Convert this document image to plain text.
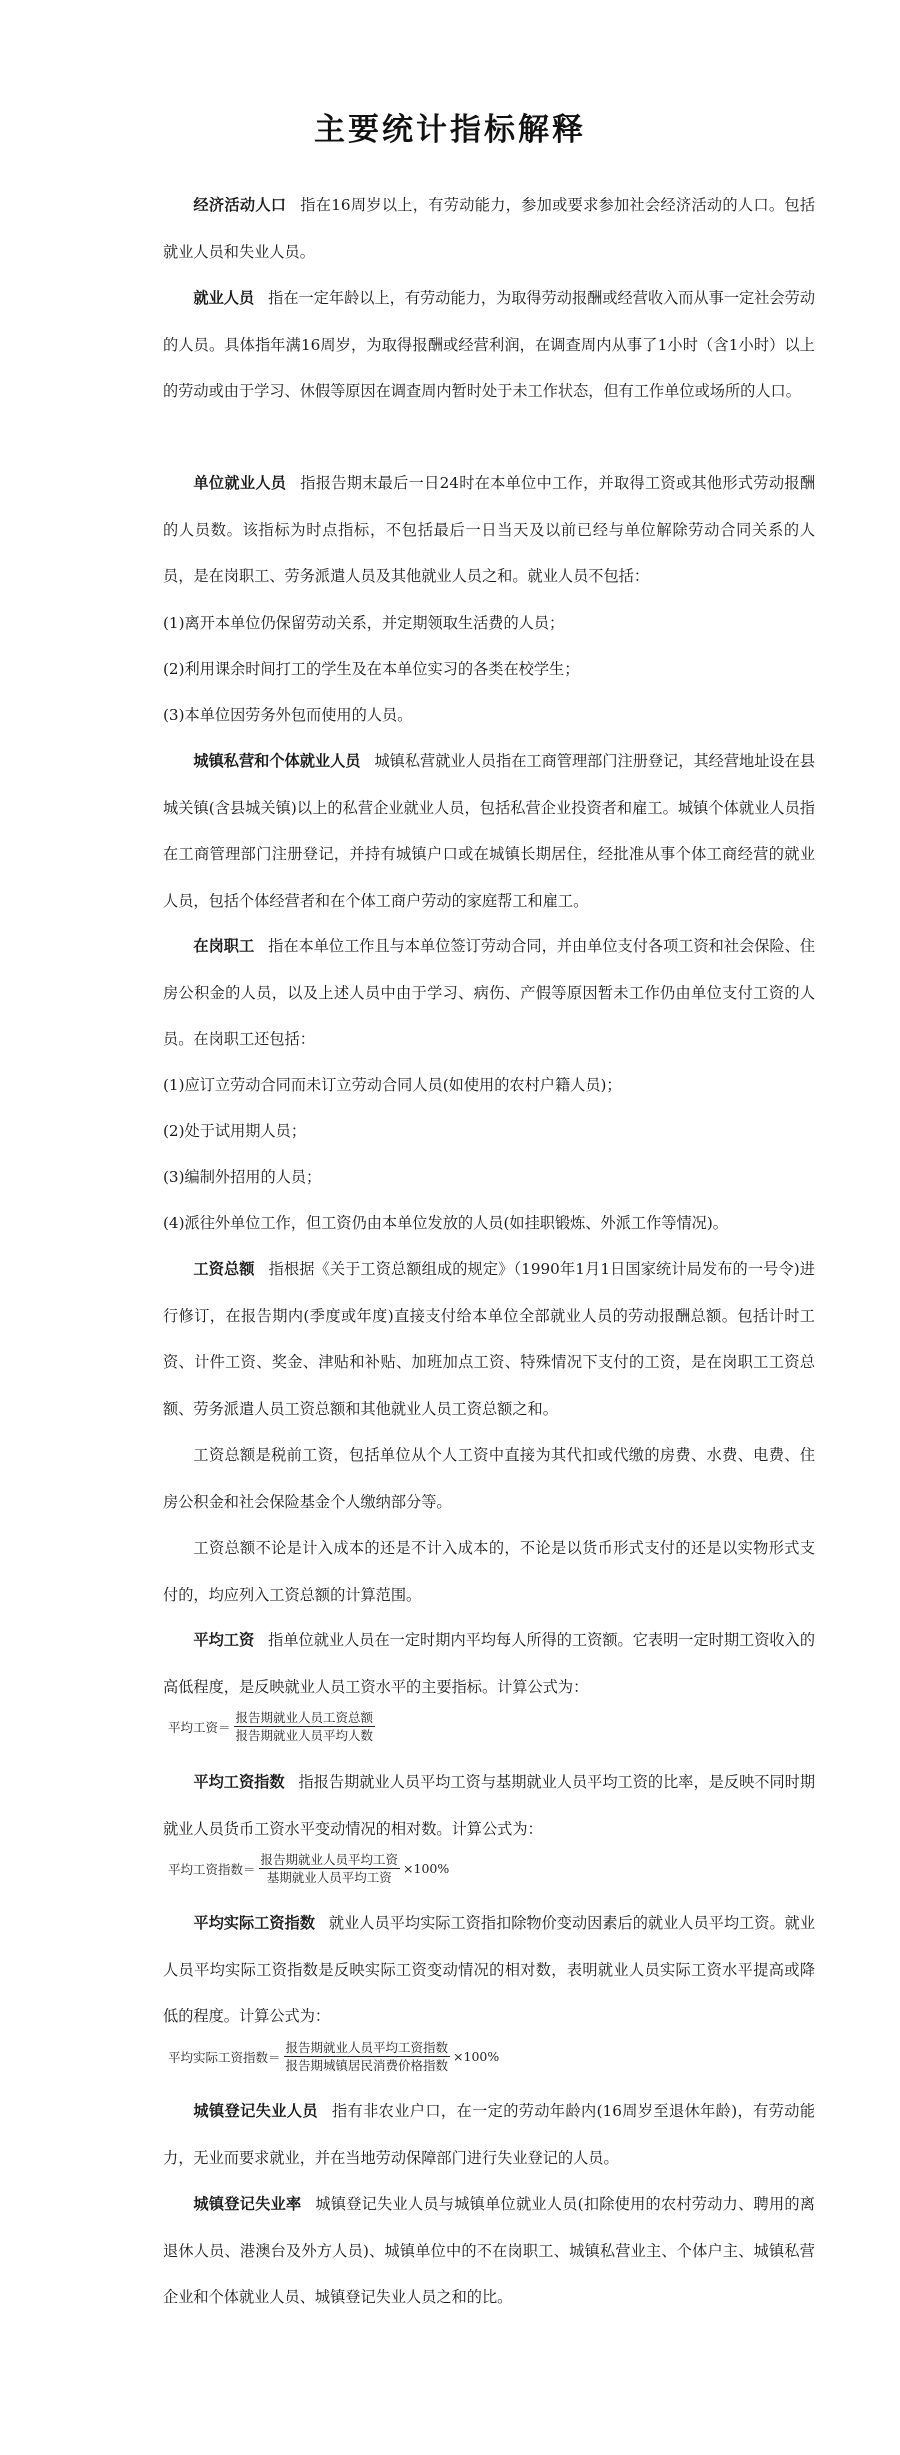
主要统计指标解释

经济活动人口 指在16周岁以上，有劳动能力，参加或要求参加社会经济活动的人口。包括就业人员和失业人员。

就业人员 指在一定年龄以上，有劳动能力，为取得劳动报酬或经营收入而从事一定社会劳动的人员。具体指年满16周岁，为取得报酬或经营利润，在调查周内从事了1小时（含1小时）以上的劳动或由于学习、休假等原因在调查周内暂时处于未工作状态，但有工作单位或场所的人口。

单位就业人员 指报告期末最后一日24时在本单位中工作，并取得工资或其他形式劳动报酬的人员数。该指标为时点指标，不包括最后一日当天及以前已经与单位解除劳动合同关系的人员，是在岗职工、劳务派遣人员及其他就业人员之和。就业人员不包括：

(1)离开本单位仍保留劳动关系，并定期领取生活费的人员；

(2)利用课余时间打工的学生及在本单位实习的各类在校学生；

(3)本单位因劳务外包而使用的人员。

城镇私营和个体就业人员 城镇私营就业人员指在工商管理部门注册登记，其经营地址设在县城关镇(含县城关镇)以上的私营企业就业人员，包括私营企业投资者和雇工。城镇个体就业人员指在工商管理部门注册登记，并持有城镇户口或在城镇长期居住，经批准从事个体工商经营的就业人员，包括个体经营者和在个体工商户劳动的家庭帮工和雇工。

在岗职工 指在本单位工作且与本单位签订劳动合同，并由单位支付各项工资和社会保险、住房公积金的人员，以及上述人员中由于学习、病伤、产假等原因暂未工作仍由单位支付工资的人员。在岗职工还包括：

(1)应订立劳动合同而未订立劳动合同人员(如使用的农村户籍人员)；

(2)处于试用期人员；

(3)编制外招用的人员；

(4)派往外单位工作，但工资仍由本单位发放的人员(如挂职锻炼、外派工作等情况)。

工资总额 指根据《关于工资总额组成的规定》（1990年1月1日国家统计局发布的一号令)进行修订，在报告期内(季度或年度)直接支付给本单位全部就业人员的劳动报酬总额。包括计时工资、计件工资、奖金、津贴和补贴、加班加点工资、特殊情况下支付的工资，是在岗职工工资总额、劳务派遣人员工资总额和其他就业人员工资总额之和。

工资总额是税前工资，包括单位从个人工资中直接为其代扣或代缴的房费、水费、电费、住房公积金和社会保险基金个人缴纳部分等。

工资总额不论是计入成本的还是不计入成本的，不论是以货币形式支付的还是以实物形式支付的，均应列入工资总额的计算范围。

平均工资 指单位就业人员在一定时期内平均每人所得的工资额。它表明一定时期工资收入的高低程度，是反映就业人员工资水平的主要指标。计算公式为：

平均工资＝ $\frac{\text{报告期就业人员工资总额}}{\text{报告期就业人员平均人数}}$

平均工资指数 指报告期就业人员平均工资与基期就业人员平均工资的比率，是反映不同时期就业人员货币工资水平变动情况的相对数。计算公式为：

平均工资指数＝ $\frac{\text{报告期就业人员平均工资}}{\text{基期就业人员平均工资}} \times 100\%$

平均实际工资指数 就业人员平均实际工资指扣除物价变动因素后的就业人员平均工资。就业人员平均实际工资指数是反映实际工资变动情况的相对数，表明就业人员实际工资水平提高或降低的程度。计算公式为：

平均实际工资指数＝ $\frac{\text{报告期就业人员平均工资指数}}{\text{报告期城镇居民消费价格指数}} \times 100\%$

城镇登记失业人员 指有非农业户口，在一定的劳动年龄内(16周岁至退休年龄)，有劳动能力，无业而要求就业，并在当地劳动保障部门进行失业登记的人员。

城镇登记失业率 城镇登记失业人员与城镇单位就业人员(扣除使用的农村劳动力、聘用的离退休人员、港澳台及外方人员)、城镇单位中的不在岗职工、城镇私营业主、个体户主、城镇私营企业和个体就业人员、城镇登记失业人员之和的比。
